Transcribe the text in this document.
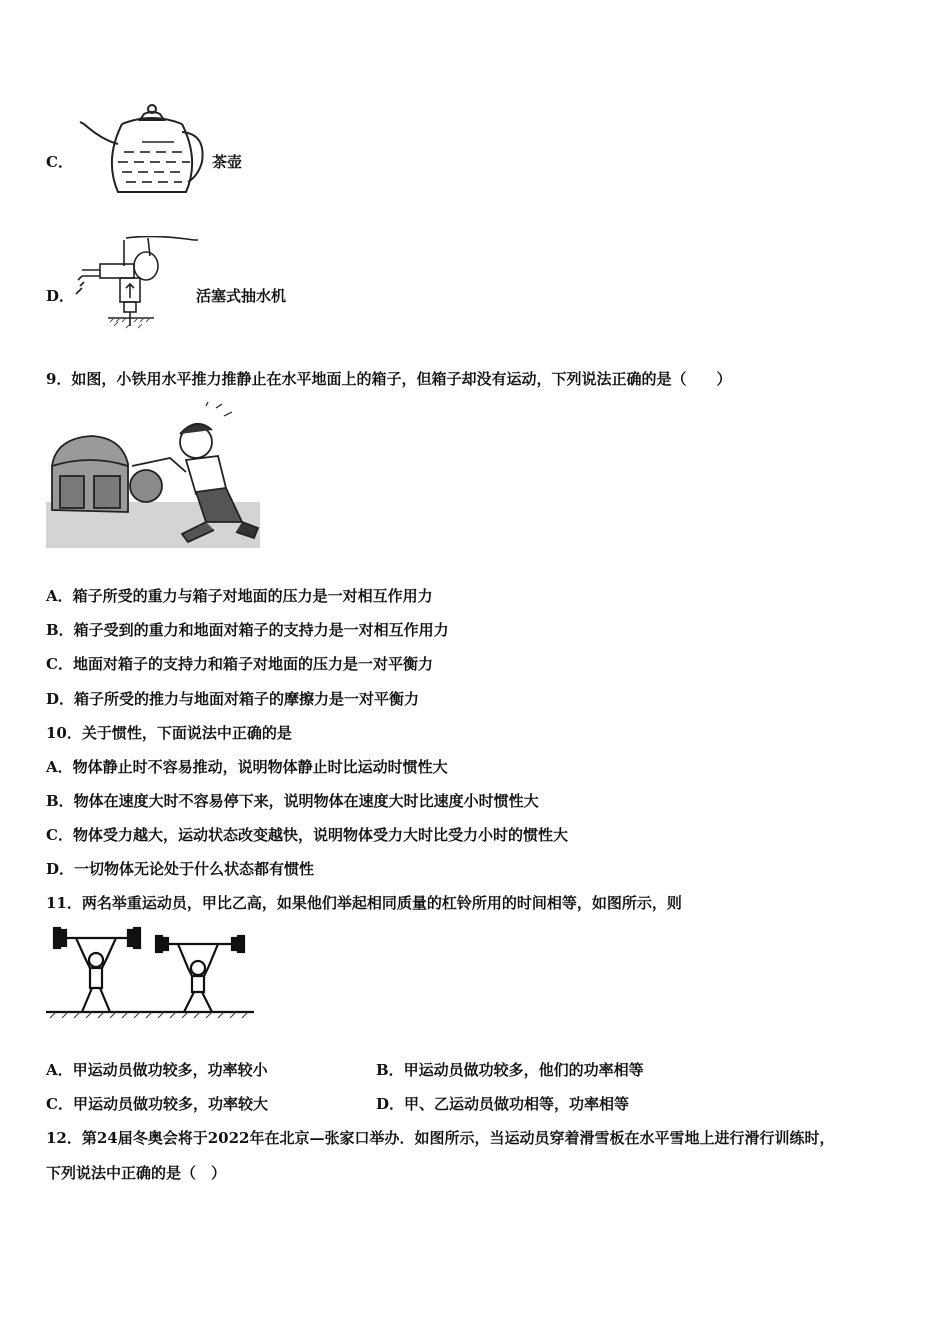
C．	茶壶
D．	活塞式抽水机
9．如图，小铁用水平推力推静止在水平地面上的箱子，但箱子却没有运动，下列说法正确的是（　　）
A．箱子所受的重力与箱子对地面的压力是一对相互作用力
B．箱子受到的重力和地面对箱子的支持力是一对相互作用力
C．地面对箱子的支持力和箱子对地面的压力是一对平衡力
D．箱子所受的推力与地面对箱子的摩擦力是一对平衡力
10．关于惯性，下面说法中正确的是
A．物体静止时不容易推动，说明物体静止时比运动时惯性大
B．物体在速度大时不容易停下来，说明物体在速度大时比速度小时惯性大
C．物体受力越大，运动状态改变越快，说明物体受力大时比受力小时的惯性大
D．一切物体无论处于什么状态都有惯性
11．两名举重运动员，甲比乙高，如果他们举起相同质量的杠铃所用的时间相等，如图所示，则
A．甲运动员做功较多，功率较小	B．甲运动员做功较多，他们的功率相等
C．甲运动员做功较多，功率较大	D．甲、乙运动员做功相等，功率相等
12．第24届冬奥会将于2022年在北京—张家口举办．如图所示，当运动员穿着滑雪板在水平雪地上进行滑行训练时，
下列说法中正确的是（　）
